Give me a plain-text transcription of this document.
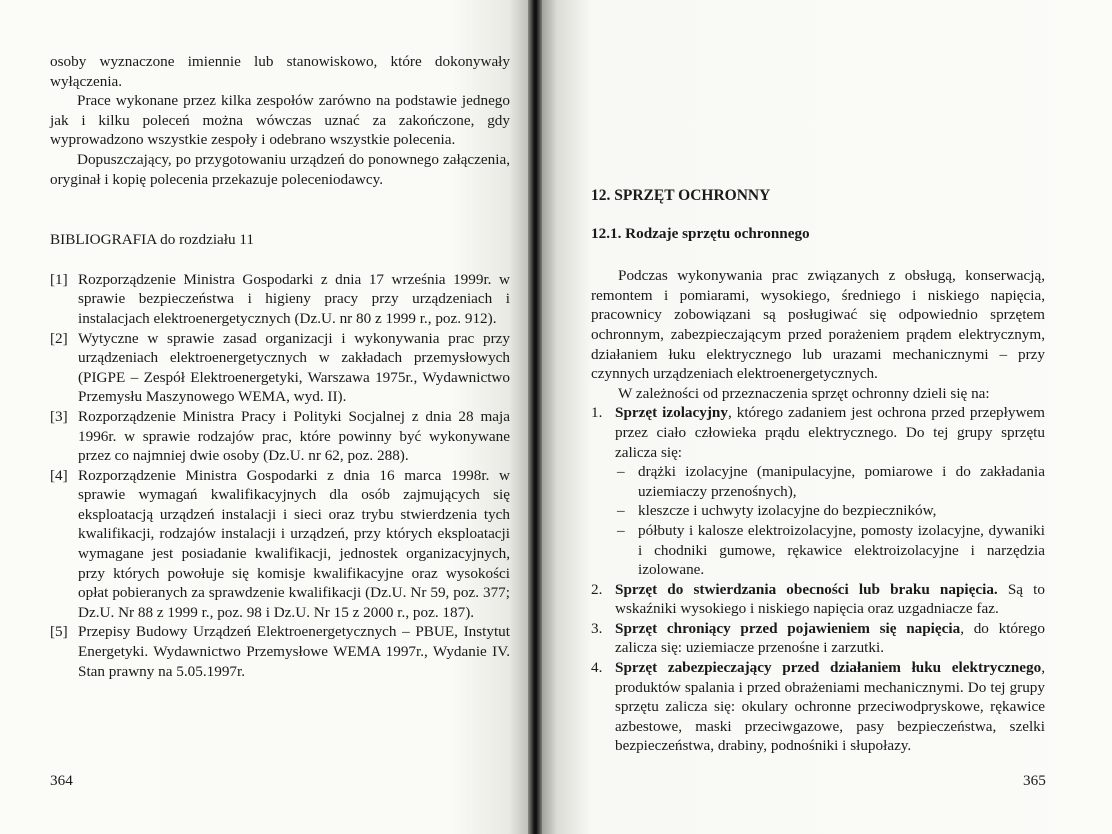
osoby wyznaczone imiennie lub stanowiskowo, które dokonywały wyłączenia.

Prace wykonane przez kilka zespołów zarówno na podstawie jednego jak i kilku poleceń można wówczas uznać za zakończone, gdy wyprowadzono wszystkie zespoły i odebrano wszystkie polecenia.

Dopuszczający, po przygotowaniu urządzeń do ponownego załączenia, oryginał i kopię polecenia przekazuje poleceniodawcy.

BIBLIOGRAFIA do rozdziału 11

[1] Rozporządzenie Ministra Gospodarki z dnia 17 września 1999r. w sprawie bezpieczeństwa i higieny pracy przy urządzeniach i instalacjach elektroenergetycznych (Dz.U. nr 80 z 1999 r., poz. 912).
[2] Wytyczne w sprawie zasad organizacji i wykonywania prac przy urządzeniach elektroenergetycznych w zakładach przemysłowych (PIGPE – Zespół Elektroenergetyki, Warszawa 1975r., Wydawnictwo Przemysłu Maszynowego WEMA, wyd. II).
[3] Rozporządzenie Ministra Pracy i Polityki Socjalnej z dnia 28 maja 1996r. w sprawie rodzajów prac, które powinny być wykonywane przez co najmniej dwie osoby (Dz.U. nr 62, poz. 288).
[4] Rozporządzenie Ministra Gospodarki z dnia 16 marca 1998r. w sprawie wymagań kwalifikacyjnych dla osób zajmujących się eksploatacją urządzeń instalacji i sieci oraz trybu stwierdzenia tych kwalifikacji, rodzajów instalacji i urządzeń, przy których eksploatacji wymagane jest posiadanie kwalifikacji, jednostek organizacyjnych, przy których powołuje się komisje kwalifikacyjne oraz wysokości opłat pobieranych za sprawdzenie kwalifikacji (Dz.U. Nr 59, poz. 377; Dz.U. Nr 88 z 1999 r., poz. 98 i Dz.U. Nr 15 z 2000 r., poz. 187).
[5] Przepisy Budowy Urządzeń Elektroenergetycznych – PBUE, Instytut Energetyki. Wydawnictwo Przemysłowe WEMA 1997r., Wydanie IV. Stan prawny na 5.05.1997r.
364

12. SPRZĘT OCHRONNY

12.1. Rodzaje sprzętu ochronnego

Podczas wykonywania prac związanych z obsługą, konserwacją, remontem i pomiarami, wysokiego, średniego i niskiego napięcia, pracownicy zobowiązani są posługiwać się odpowiednio sprzętem ochronnym, zabezpieczającym przed porażeniem prądem elektrycznym, działaniem łuku elektrycznego lub urazami mechanicznymi – przy czynnych urządzeniach elektroenergetycznych.

W zależności od przeznaczenia sprzęt ochronny dzieli się na:

1. Sprzęt izolacyjny, którego zadaniem jest ochrona przed przepływem przez ciało człowieka prądu elektrycznego. Do tej grupy sprzętu zalicza się:
– drążki izolacyjne (manipulacyjne, pomiarowe i do zakładania uziemiaczy przenośnych),
– kleszcze i uchwyty izolacyjne do bezpieczników,
– półbuty i kalosze elektroizolacyjne, pomosty izolacyjne, dywaniki i chodniki gumowe, rękawice elektroizolacyjne i narzędzia izolowane.
2. Sprzęt do stwierdzania obecności lub braku napięcia. Są to wskaźniki wysokiego i niskiego napięcia oraz uzgadniacze faz.
3. Sprzęt chroniący przed pojawieniem się napięcia, do którego zalicza się: uziemiacze przenośne i zarzutki.
4. Sprzęt zabezpieczający przed działaniem łuku elektrycznego, produktów spalania i przed obrażeniami mechanicznymi. Do tej grupy sprzętu zalicza się: okulary ochronne przeciwodpryskowe, rękawice azbestowe, maski przeciwgazowe, pasy bezpieczeństwa, szelki bezpieczeństwa, drabiny, podnośniki i słupołazy.
365
